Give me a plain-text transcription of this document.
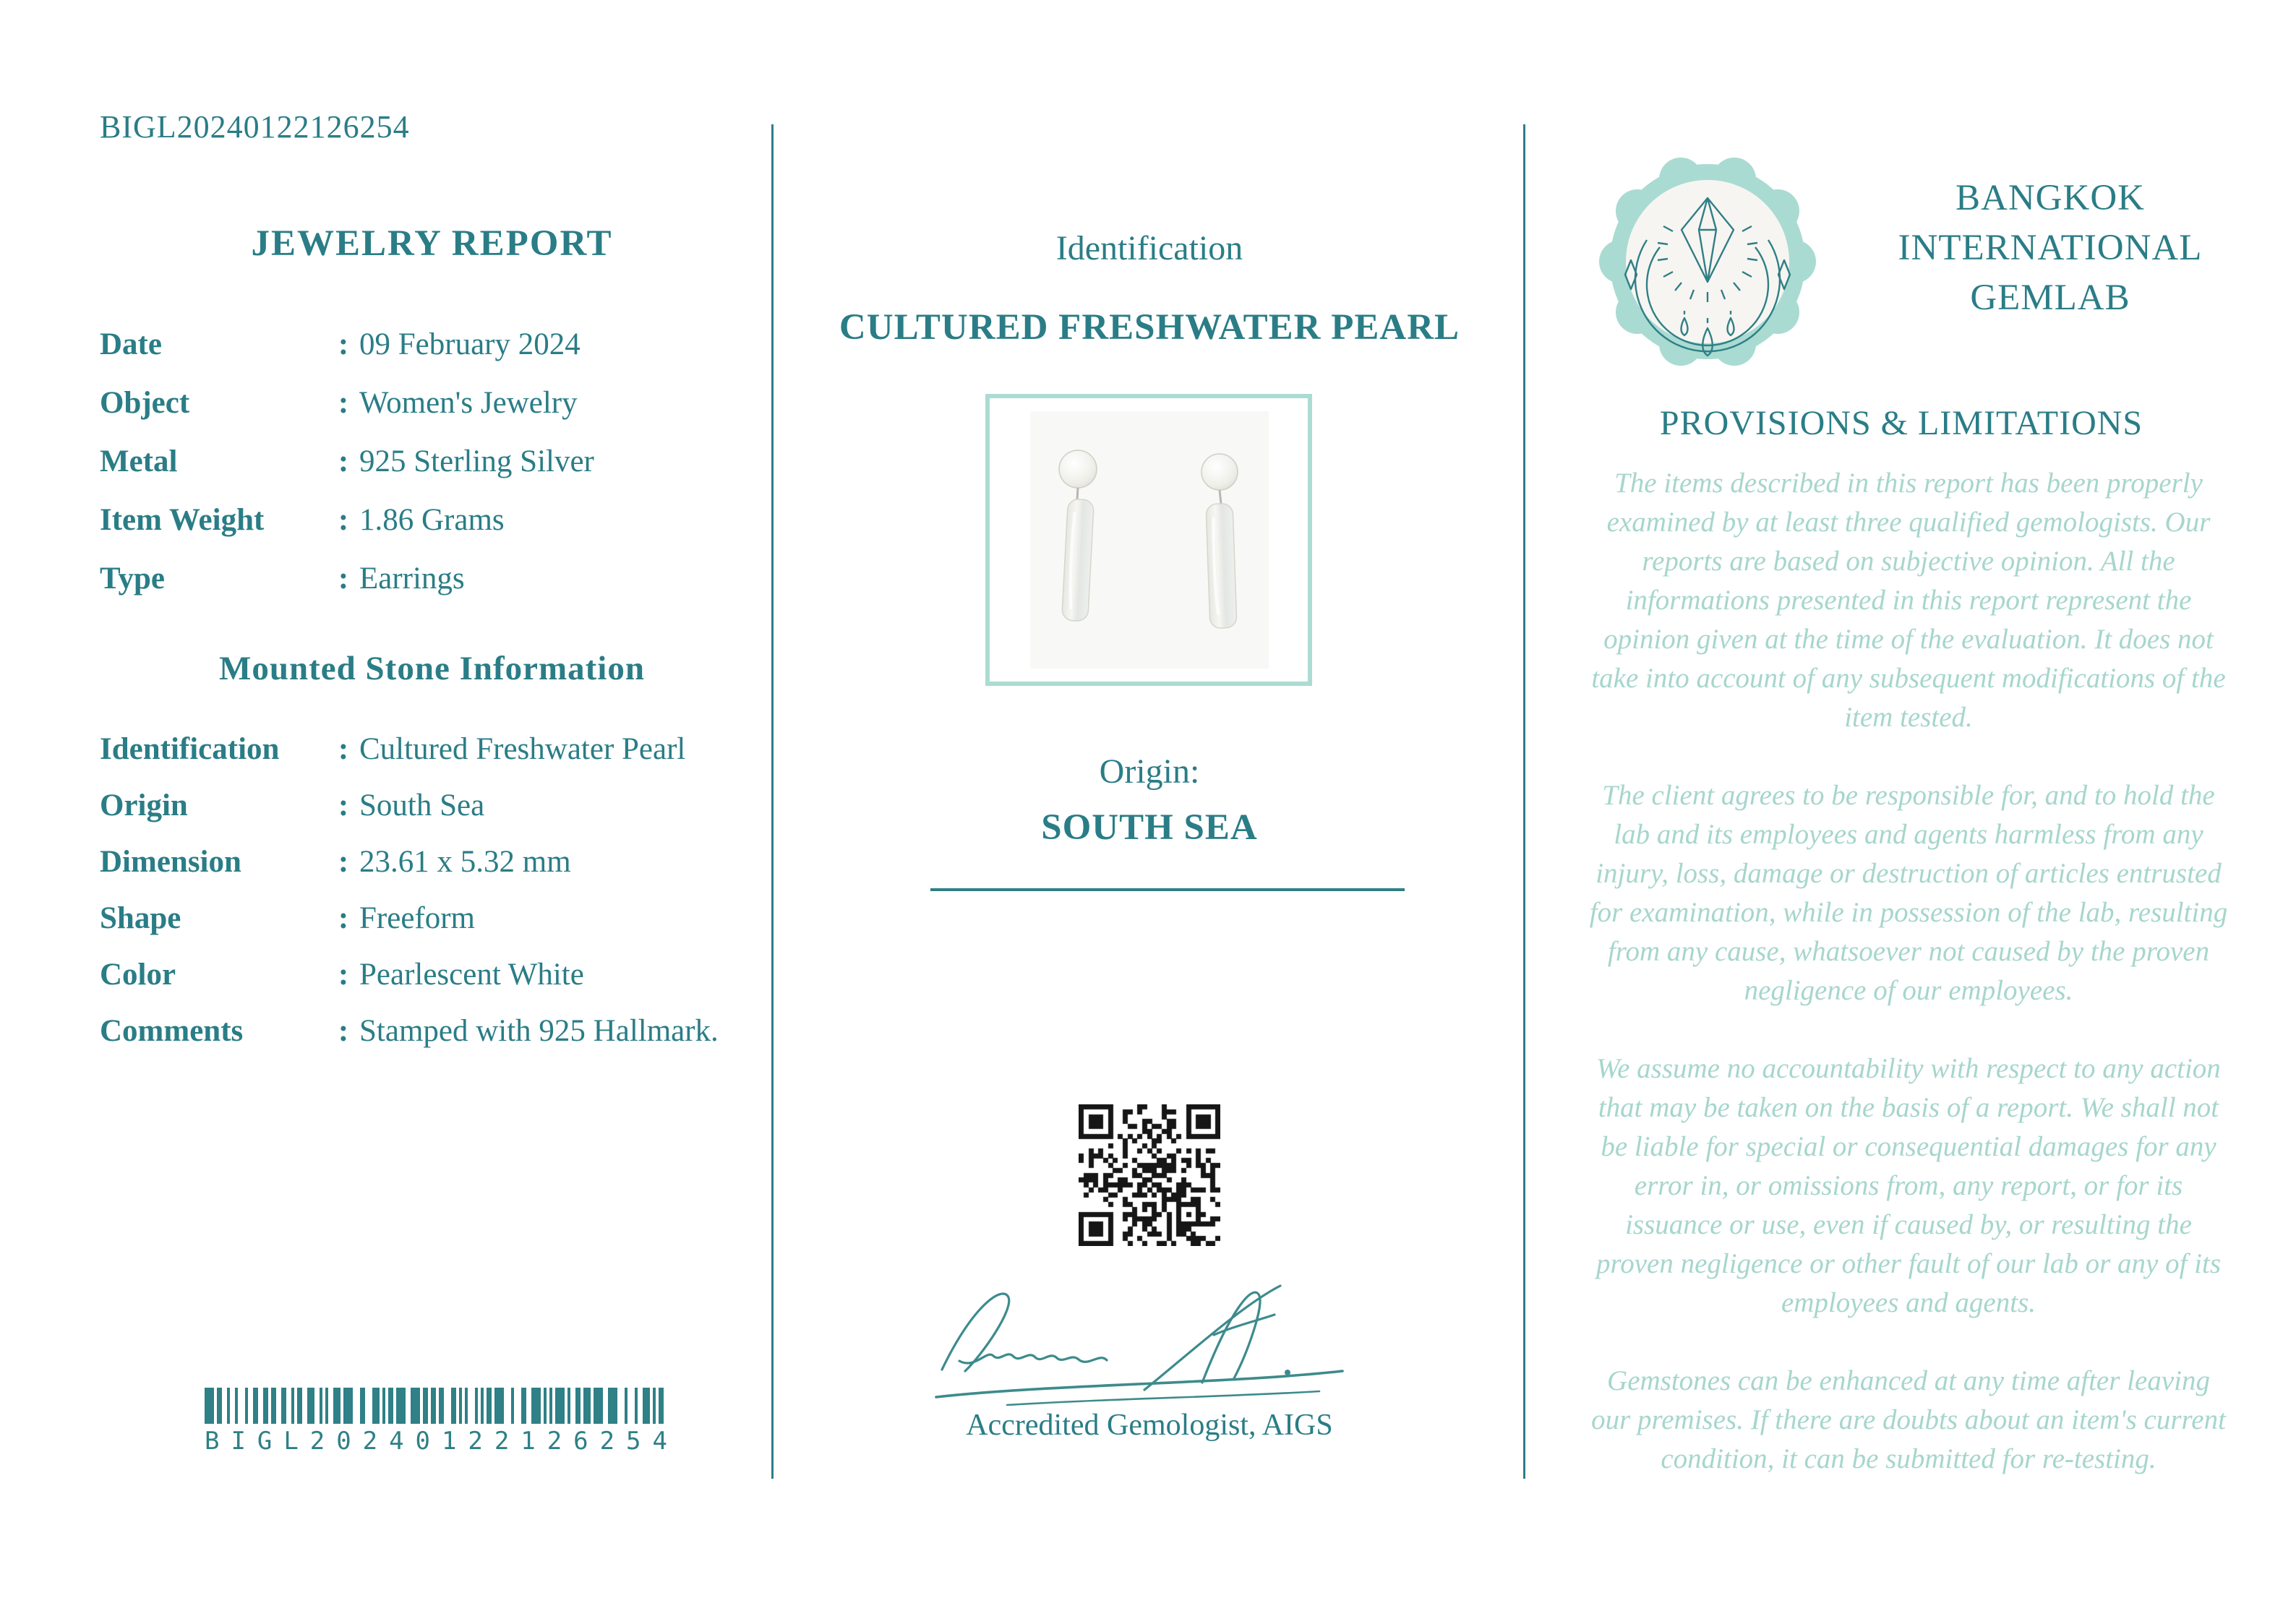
BIGL20240122126254
JEWELRY REPORT
Date	: 09 February 2024
Object	: Women's Jewelry
Metal	: 925 Sterling Silver
Item Weight	: 1.86 Grams
Type	: Earrings
Mounted Stone Information
Identification	: Cultured Freshwater Pearl
Origin	: South Sea
Dimension	: 23.61 x 5.32 mm
Shape	: Freeform
Color	: Pearlescent White
Comments	: Stamped with 925 Hallmark.
B I G L 2 0 2 4 0 1 2 2 1 2 6 2 5 4
Identification
CULTURED FRESHWATER PEARL
Origin:
SOUTH SEA
Accredited Gemologist, AIGS
BANGKOK
INTERNATIONAL
GEMLAB
PROVISIONS & LIMITATIONS

The items described in this report has been properly examined by at least three qualified gemologists. Our reports are based on subjective opinion. All the informations presented in this report represent the opinion given at the time of the evaluation. It does not take into account of any subsequent modifications of the item tested.

The client agrees to be responsible for, and to hold the lab and its employees and agents harmless from any injury, loss, damage or destruction of articles entrusted for examination, while in possession of the lab, resulting from any cause, whatsoever not caused by the proven negligence of our employees.

We assume no accountability with respect to any action that may be taken on the basis of a report. We shall not be liable for special or consequential damages for any error in, or omissions from, any report, or for its issuance or use, even if caused by, or resulting the proven negligence or other fault of our lab or any of its employees and agents.

Gemstones can be enhanced at any time after leaving our premises. If there are doubts about an item's current condition, it can be submitted for re-testing.
